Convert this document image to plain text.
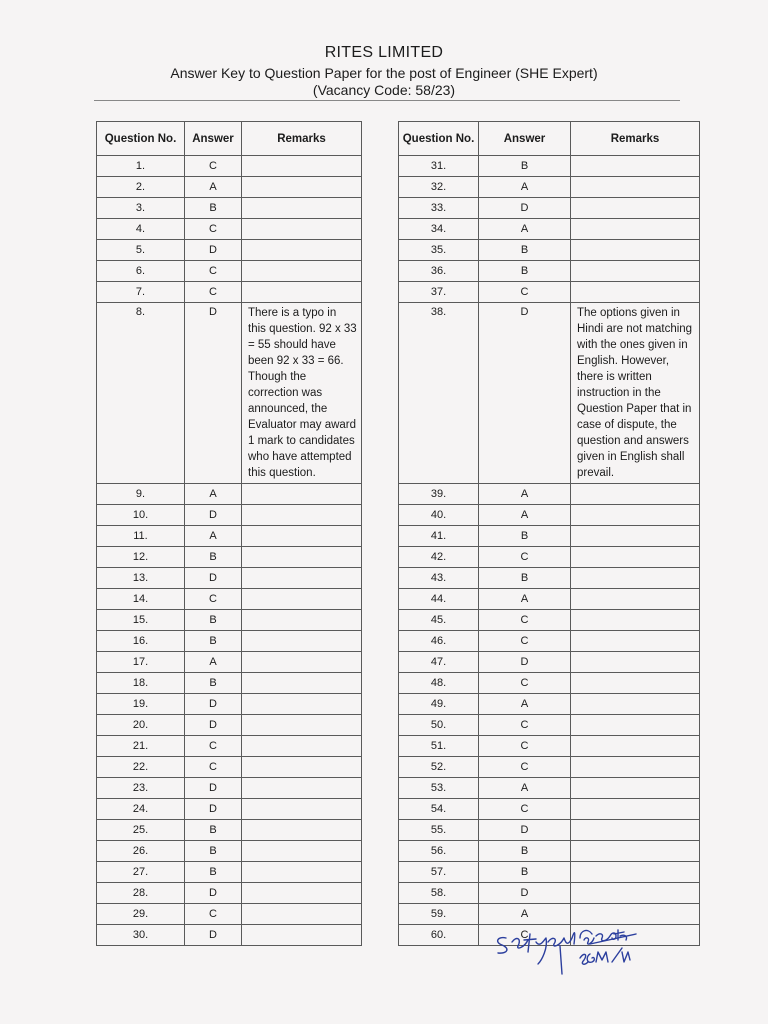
RITES LIMITED
Answer Key to Question Paper for the post of Engineer (SHE Expert)
(Vacancy Code: 58/23)
Question No.	Answer	Remarks
1.	C	
2.	A	
3.	B	
4.	C	
5.	D	
6.	C	
7.	C	
8.	D	There is a typo in this question. 92 x 33 = 55 should have been 92 x 33 = 66. Though the correction was announced, the Evaluator may award 1 mark to candidates who have attempted this question.
9.	A	
10.	D	
11.	A	
12.	B	
13.	D	
14.	C	
15.	B	
16.	B	
17.	A	
18.	B	
19.	D	
20.	D	
21.	C	
22.	C	
23.	D	
24.	D	
25.	B	
26.	B	
27.	B	
28.	D	
29.	C	
30.	D	
Question No.	Answer	Remarks
31.	B	
32.	A	
33.	D	
34.	A	
35.	B	
36.	B	
37.	C	
38.	D	The options given in Hindi are not matching with the ones given in English. However, there is written instruction in the Question Paper that in case of dispute, the question and answers given in English shall prevail.
39.	A	
40.	A	
41.	B	
42.	C	
43.	B	
44.	A	
45.	C	
46.	C	
47.	D	
48.	C	
49.	A	
50.	C	
51.	C	
52.	C	
53.	A	
54.	C	
55.	D	
56.	B	
57.	B	
58.	D	
59.	A	
60.	C	
